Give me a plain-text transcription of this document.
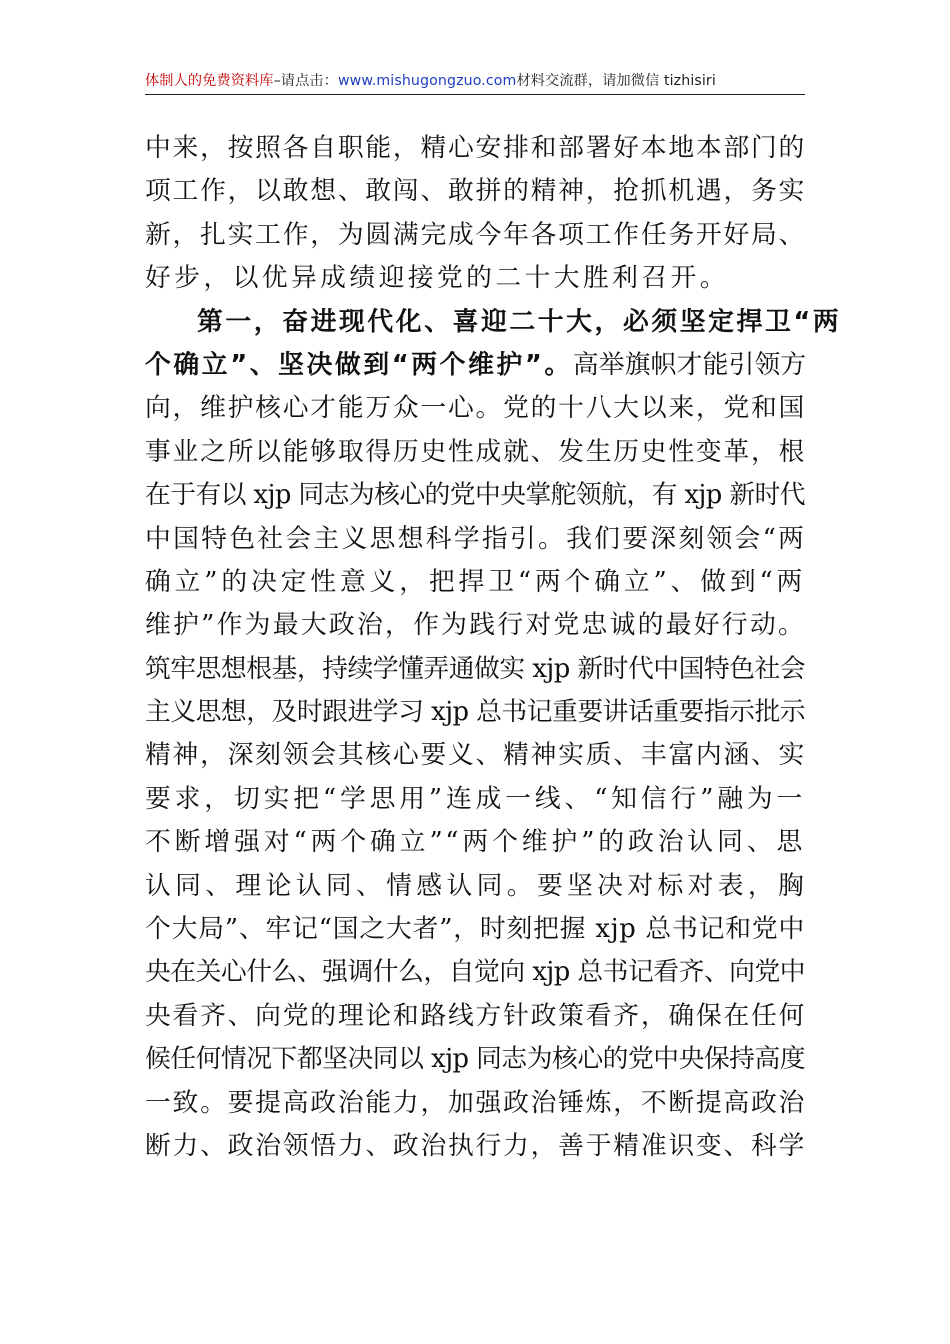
体制人的免费资料库–请点击：www.mishugongzuo.com材料交流群，请加微信 tizhisiri
中来，按照各自职能，精心安排和部署好本地本部门的
项工作，以敢想、敢闯、敢拼的精神，抢抓机遇，务实
新，扎实工作，为圆满完成今年各项工作任务开好局、
好步，以优异成绩迎接党的二十大胜利召开。
第一，奋进现代化、喜迎二十大，必须坚定捍卫“两
个确立”、坚决做到“两个维护”。高举旗帜才能引领方
向，维护核心才能万众一心。党的十八大以来，党和国
事业之所以能够取得历史性成就、发生历史性变革，根
在于有以 xjp 同志为核心的党中央掌舵领航，有 xjp 新时代
中国特色社会主义思想科学指引。我们要深刻领会“两
确立”的决定性意义，把捍卫“两个确立”、做到“两
维护”作为最大政治，作为践行对党忠诚的最好行动。
筑牢思想根基，持续学懂弄通做实 xjp 新时代中国特色社会
主义思想，及时跟进学习 xjp 总书记重要讲话重要指示批示
精神，深刻领会其核心要义、精神实质、丰富内涵、实
要求，切实把“学思用”连成一线、“知信行”融为一
不断增强对“两个确立”“两个维护”的政治认同、思
认同、理论认同、情感认同。要坚决对标对表，胸
个大局”、牢记“国之大者”，时刻把握 xjp 总书记和党中
央在关心什么、强调什么，自觉向 xjp 总书记看齐、向党中
央看齐、向党的理论和路线方针政策看齐，确保在任何
候任何情况下都坚决同以 xjp 同志为核心的党中央保持高度
一致。要提高政治能力，加强政治锤炼，不断提高政治
断力、政治领悟力、政治执行力，善于精准识变、科学
